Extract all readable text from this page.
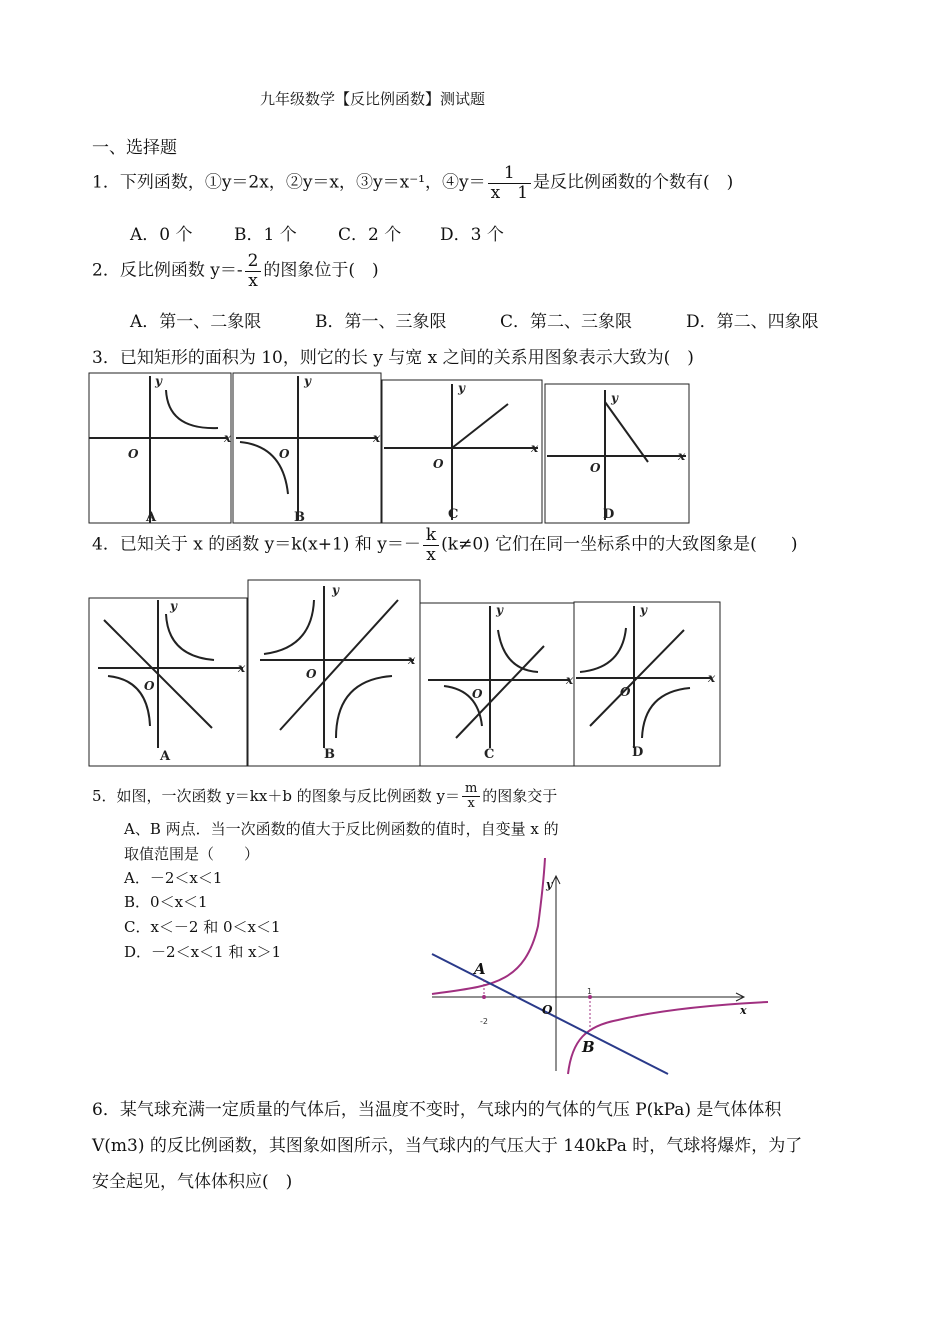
九年级数学【反比例函数】测试题
一、选择题
1．下列函数，①y＝2x，②y＝x，③y＝x⁻¹，④y＝ $\frac{1}{x 1}$ 是反比例函数的个数有(　)
A．0 个 B．1 个 C．2 个 D．3 个
2．反比例函数 $y=- \frac{2}{x}$ 的图象位于(　)
A．第一、二象限	B．第一、三象限	C．第二、三象限	D．第二、四象限
3．已知矩形的面积为 10，则它的长 y 与宽 x 之间的关系用图象表示大致为(　)
O
y
x
O
y
x
O
y
x
O
y
x
A	B	C	D
4．已知关于 x 的函数 y＝k(x+1) 和 $y=- \frac{k}{x} (k\ne 0)$ 它们在同一坐标系中的大致图象是(　　)
O
y
x	O
y
x
O
y
x
O
y
x
A	B	C	D
5．如图，一次函数 y＝kx＋b 的图象与反比例函数 $y= \frac{m}{x}$ 的图象交于
A、B 两点．当一次函数的值大于反比例函数的值时，自变量 x 的
取值范围是（　　）
A．－2＜x＜1
B．0＜x＜1
C．x＜－2 和 0＜x＜1
D．－2＜x＜1 和 x＞1
A
B
O
y
x
-2
1
6．某气球充满一定质量的气体后，当温度不变时，气球内的气体的气压 P(kPa) 是气体体积
V(m3) 的反比例函数，其图象如图所示，当气球内的气压大于 140kPa 时，气球将爆炸，为了
安全起见，气体体积应(　)
